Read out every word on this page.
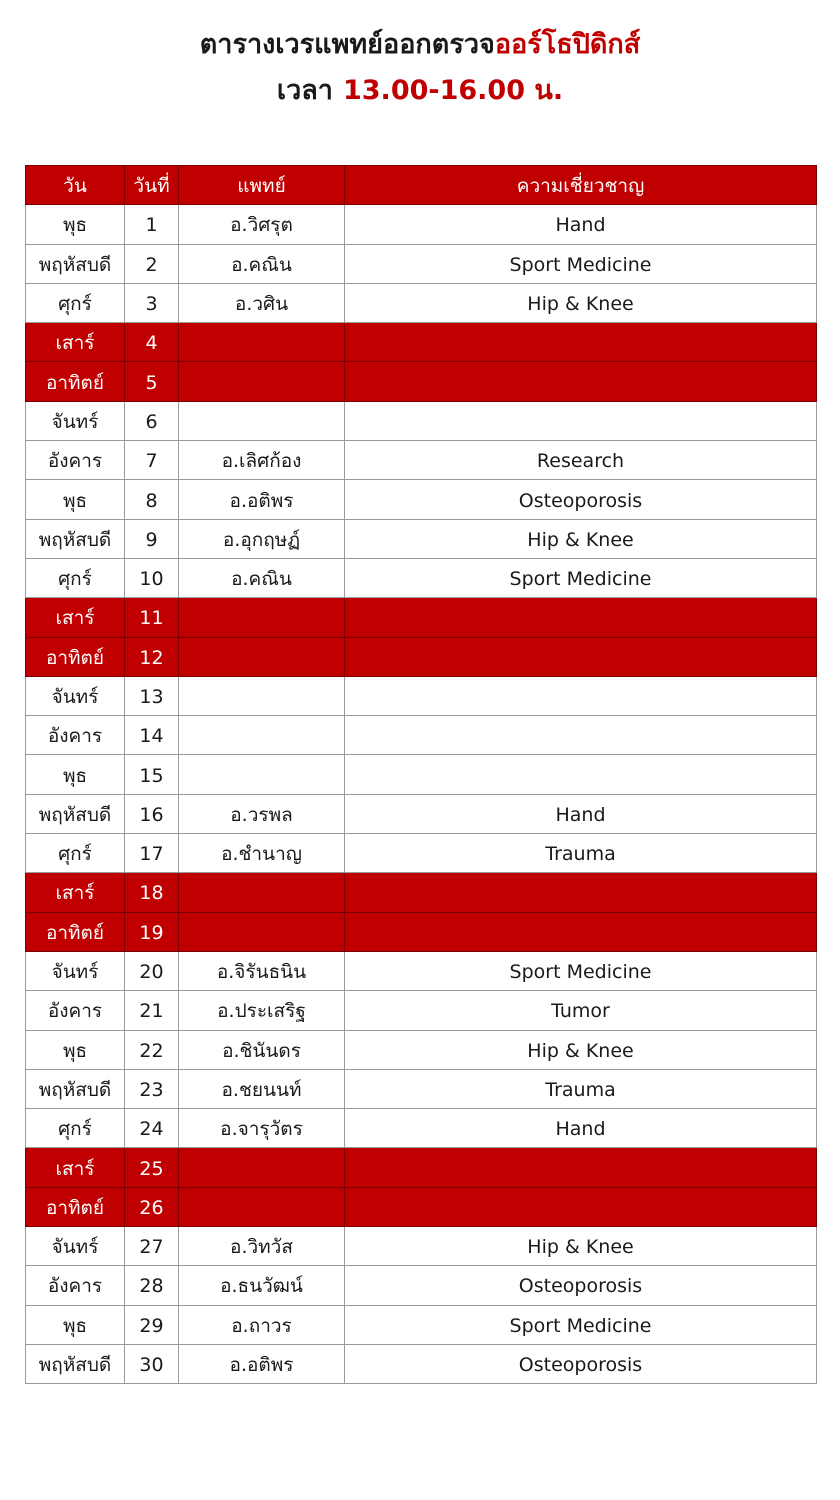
ตารางเวรแพทย์ออกตรวจออร์โธปิดิกส์
เวลา 13.00-16.00 น.
วัน	วันที่	แพทย์	ความเชี่ยวชาญ
พุธ	1	อ.วิศรุต	Hand
พฤหัสบดี	2	อ.คณิน	Sport Medicine
ศุกร์	3	อ.วศิน	Hip & Knee
เสาร์	4		
อาทิตย์	5		
จันทร์	6		
อังคาร	7	อ.เลิศก้อง	Research
พุธ	8	อ.อติพร	Osteoporosis
พฤหัสบดี	9	อ.อุกฤษฏ์	Hip & Knee
ศุกร์	10	อ.คณิน	Sport Medicine
เสาร์	11		
อาทิตย์	12		
จันทร์	13		
อังคาร	14		
พุธ	15		
พฤหัสบดี	16	อ.วรพล	Hand
ศุกร์	17	อ.ชำนาญ	Trauma
เสาร์	18		
อาทิตย์	19		
จันทร์	20	อ.จิรันธนิน	Sport Medicine
อังคาร	21	อ.ประเสริฐ	Tumor
พุธ	22	อ.ชินันดร	Hip & Knee
พฤหัสบดี	23	อ.ชยนนท์	Trauma
ศุกร์	24	อ.จารุวัตร	Hand
เสาร์	25		
อาทิตย์	26		
จันทร์	27	อ.วิทวัส	Hip & Knee
อังคาร	28	อ.ธนวัฒน์	Osteoporosis
พุธ	29	อ.ถาวร	Sport Medicine
พฤหัสบดี	30	อ.อติพร	Osteoporosis
